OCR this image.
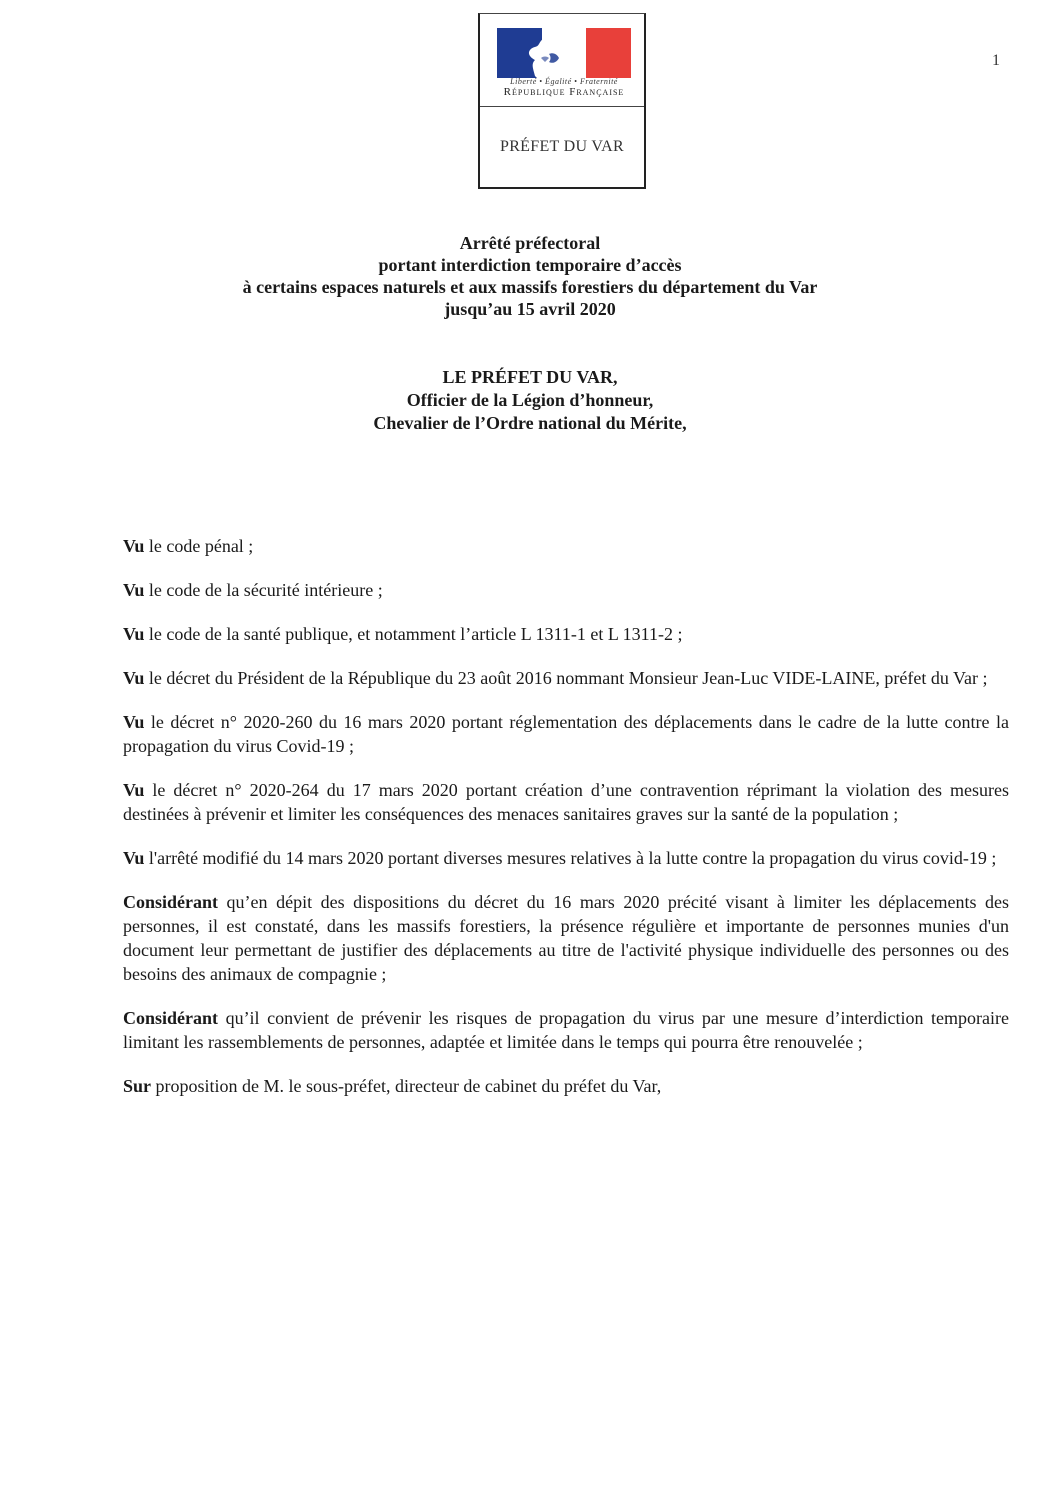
Liberté • Égalité • Fraternité
République Française
PRÉFET DU VAR
1
Arrêté préfectoral
portant interdiction temporaire d’accès
à certains espaces naturels et aux massifs forestiers du département du Var
jusqu’au 15 avril 2020
LE PRÉFET DU VAR,
Officier de la Légion d’honneur,
Chevalier de l’Ordre national du Mérite,

Vu le code pénal ;

Vu le code de la sécurité intérieure ;

Vu le code de la santé publique, et notamment l’article L 1311-1 et L 1311-2 ;

Vu le décret du Président de la République du 23 août 2016 nommant Monsieur Jean-Luc VIDE-LAINE, préfet du Var ;

Vu le décret n° 2020-260 du 16 mars 2020 portant réglementation des déplacements dans le cadre de la lutte contre la propagation du virus Covid-19 ;

Vu le décret n° 2020-264 du 17 mars 2020 portant création d’une contravention réprimant la violation des mesures destinées à prévenir et limiter les conséquences des menaces sanitaires graves sur la santé de la population ;

Vu l'arrêté modifié du 14 mars 2020 portant diverses mesures relatives à la lutte contre la propagation du virus covid-19 ;

Considérant qu’en dépit des dispositions du décret du 16 mars 2020 précité visant à limiter les déplacements des personnes, il est constaté, dans les massifs forestiers, la présence régulière et importante de personnes munies d'un document leur permettant de justifier des déplacements au titre de l'activité physique individuelle des personnes ou des besoins des animaux de compagnie ;

Considérant qu’il convient de prévenir les risques de propagation du virus par une mesure d’interdiction temporaire limitant les rassemblements de personnes, adaptée et limitée dans le temps qui pourra être renouvelée ;

Sur proposition de M. le sous-préfet, directeur de cabinet du préfet du Var,
